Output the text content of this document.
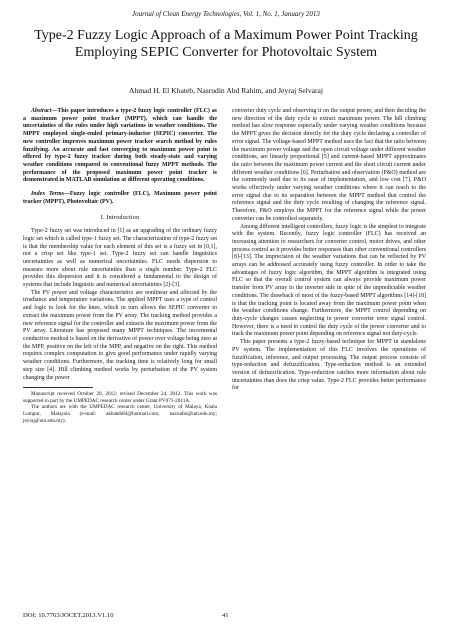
Journal of Clean Energy Technologies, Vol. 1, No. 1, January 2013
Type-2 Fuzzy Logic Approach of a Maximum Power Point Tracking Employing SEPIC Converter for Photovoltaic System
Ahmad H. El Khateb, Nasrudin Abd Rahim, and Jeyraj Selvaraj

Abstract—This paper introduces a type-2 fuzzy logic controller (FLC) as a maximum power point tracker (MPPT), which can handle the uncertainties of the rules under high variations in weather conditions. The MPPT employed single-ended primary-inductor (SEPIC) converter. The new controller improves maximum power tracker search method by rules fuzzifying. An accurate and fast converging to maximum power point is offered by type-2 fuzzy tracker during both steady-state and varying weather conditions compared to conventional fuzzy MPPT methods. The performance of the proposed maximum power point tracker is demonstrated in MATLAB simulation at different operating conditions.

Index Terms—Fuzzy logic controller (FLC), Maximum power point tracker (MPPT), Photovoltaic (PV).

I. Introduction

Type-2 fuzzy set was introduced in [1] as an upgrading of the ordinary fuzzy logic set which is called type-1 fuzzy set. The characterization of type-2 fuzzy set is that the membership value for each element of this set is a fuzzy set in [0,1], not a crisp set like type-1 set. Type-2 fuzzy set can handle linguistics uncertainties as well as numerical uncertainties. FLC needs dispersion to measure more about rule uncertainties than a single number. Type-2 FLC provides this dispersion and it is considered a fundamental to the design of systems that include linguistic and numerical uncertainties [2]-[3].

The PV power and voltage characteristics are nonlinear and affected by the irradiance and temperature variations. The applied MPPT uses a type of control and logic to look for the knee, which in turn allows the SEPIC converter to extract the maximum power from the PV array. The tracking method provides a new reference signal for the controller and extracts the maximum power from the PV array. Literature has proposed many MPPT techniques. The incremental conductive method is based on the derivative of power over voltage being zero at the MPP, positive on the left of the MPP, and negative on the right. This method requires complex computation to give good performance under rapidly varying weather conditions. Furthermore, the tracking time is relatively long for small step size [4]. Hill climbing method works by perturbation of the PV system changing the power

Manuscript received October 20, 2012; revised December 24, 2012. This work was supported in part by the UMPEDAC research center under Grant PV071-2011A.

The authors are with the UMPEDAC research center, University of Malaya, Kuala Lumpur, Malaysia (e-mail: akhateb84@hotmail.com; nasrudin@um.edu.my; jeyraj@um.edu.my).

converter duty cycle and observing it on the output power, and then deciding the new direction of the duty cycle to extract maximum power. The hill climbing method has slow response especially under varying weather conditions because the MPPT gives the decision directly for the duty cycle declaring a controller of error signal. The voltage-based MPPT method uses the fact that the ratio between the maximum power voltage and the open circuit voltage under different weather conditions, are linearly proportional [5] and current-based MPPT approximates the ratio between the maximum power current and the short circuit current under different weather conditions [6]. Perturbation and observation (P&O) method are the commonly used due to its ease of implementation, and low cost [7]. P&O works effectively under varying weather conditions where it can reach to the error signal due to its separation between the MPPT method that control the reference signal and the duty cycle resulting of changing the reference signal. Therefore, P&O employs the MPPT for the reference signal while the power converter can be controlled separately.

Among different intelligent controllers, fuzzy logic is the simplest to integrate with the system. Recently, fuzzy logic controller (FLC) has received an increasing attention to researchers for converter control, motor drives, and other process control as it provides better responses than other conventional controllers [8]-[13]. The imprecision of the weather variations that can be reflected by PV arrays can be addressed accurately using fuzzy controller. In order to take the advantages of fuzzy logic algorithm, the MPPT algorithm is integrated using FLC so that the overall control system can always provide maximum power transfer from PV array to the inverter side in spite of the unpredictable weather conditions. The drawback of most of the fuzzy-based MPPT algorithms [14]-[18] is that the tracking point is located away from the maximum power point when the weather conditions change. Furthermore, the MPPT control depending on duty-cycle changes causes neglecting in power converter error signal control. However, there is a need to control the duty cycle of the power converter and to track the maximum power point depending on reference signal not duty-cycle.

This paper presents a type-2 fuzzy-based technique for MPPT in standalone PV system. The implementation of this FLC involves the operations of fuzzification, inference, and output processing. The output process consists of type-reduction and defuzzification. Type-reduction method is an extended version of defuzzification. Type-reduction catches more information about rule uncertainties than does the crisp value. Type-2 FLC provides better performance for

DOI: 10.7763/JOCET.2013.V1.10	41
